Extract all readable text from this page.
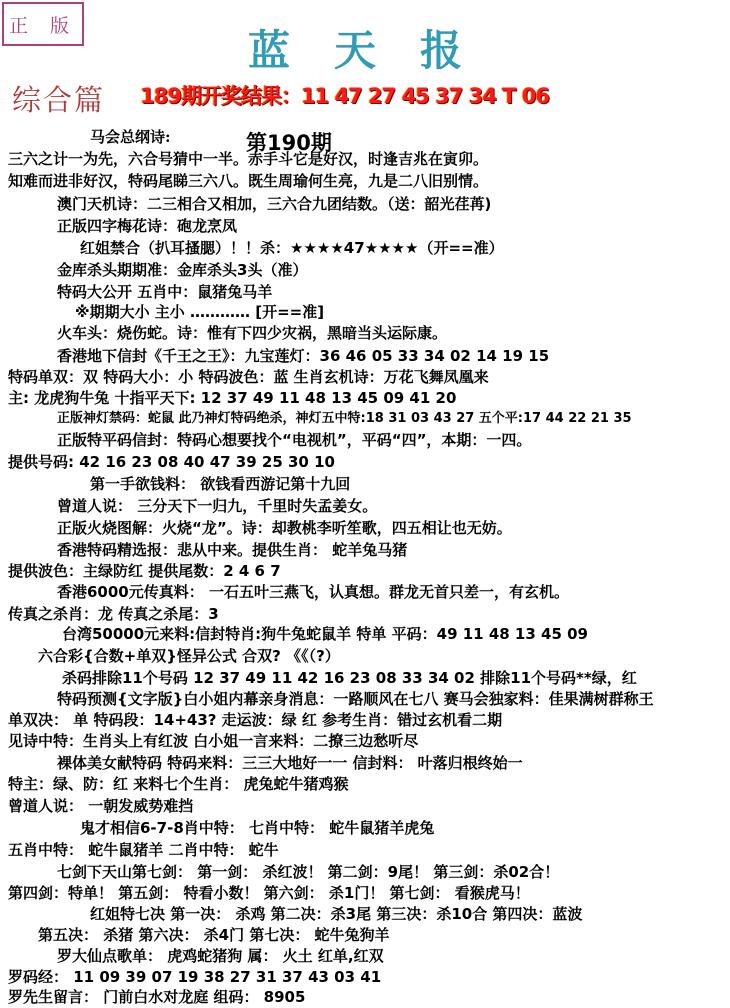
正 版
蓝天报
综合篇 189期开奖结果：11 47 27 45 37 34 T 06
第190期
马会总纲诗:
三六之计一为先，六合号猜中一半。赤手斗它是好汉，时逢吉兆在寅卯。
知难而进非好汉，特码尾睇三六八。既生周瑜何生亮，九是二八旧别情。
澳门天机诗：二三相合又相加，三六合九团结数。（送：韶光荏苒)
正版四字梅花诗：砲龙烹凤
红姐禁合（扒耳搔腮）！！杀：★★★★47★★★★（开==准）
金库杀头期期准：金库杀头3头（准）
特码大公开 五肖中：鼠猪兔马羊
※期期大小 主小 ………… [开==准]
火车头：烧伤蛇。诗：惟有下四少灾祸，黑暗当头运际康。
香港地下信封《千王之王》：九宝莲灯：36 46 05 33 34 02 14 19 15
特码单双：双 特码大小：小 特码波色：蓝 生肖玄机诗：万花飞舞凤凰来
主: 龙虎狗牛兔 十指平天下: 12 37 49 11 48 13 45 09 41 20
正版神灯禁码：蛇鼠 此乃神灯特码绝杀，神灯五中特:18 31 03 43 27 五个平:17 44 22 21 35
正版特平码信封：特码心想要找个“电视机”，平码“四”，本期：一四。
提供号码: 42 16 23 08 40 47 39 25 30 10
第一手欲钱料： 欲钱看西游记第十九回
曾道人说： 三分天下一归九，千里时失孟姜女。
正版火烧图解：火烧“龙”。诗：却教桃李听笙歌，四五相让也无妨。
香港特码精选报：悲从中来。提供生肖： 蛇羊兔马猪
提供波色：主绿防红 提供尾数：2 4 6 7
香港6000元传真料： 一石五叶三燕飞，认真想。群龙无首只差一，有玄机。
传真之杀肖：龙 传真之杀尾：3
台湾50000元来料:信封特肖:狗牛兔蛇鼠羊 特单 平码：49 11 48 13 45 09
六合彩{合数+单双}怪异公式 合双? 《《（?）
杀码排除11个号码 12 37 49 11 42 16 23 08 33 34 02 排除11个号码**绿，红
特码预测{文字版}白小姐内幕亲身消息：一路顺风在七八 赛马会独家料：佳果满树群称王
单双决： 单 特码段：14+43? 走运波：绿 红 参考生肖：错过玄机看二期
见诗中特：生肖头上有红波 白小姐一言来料：二撩三边愁听尽
裸体美女献特码 特码来料：三三大地好一一 信封料： 叶落归根终始一
特主：绿、防：红 来料七个生肖： 虎兔蛇牛猪鸡猴
曾道人说： 一朝发威势难挡
鬼才相信6-7-8肖中特： 七肖中特： 蛇牛鼠猪羊虎兔
五肖中特： 蛇牛鼠猪羊 二肖中特： 蛇牛
七剑下天山第七剑： 第一剑： 杀红波！ 第二剑：9尾！ 第三剑：杀02合！
第四剑：特单！ 第五剑： 特看小数！ 第六剑： 杀1门！ 第七剑： 看猴虎马！
红姐特七决 第一决： 杀鸡 第二决：杀3尾 第三决：杀10合 第四决：蓝波
第五决： 杀猪 第六决： 杀4门 第七决： 蛇牛兔狗羊
罗大仙点歌单： 虎鸡蛇猪狗 属： 火土 红单,红双
罗码经： 11 09 39 07 19 38 27 31 37 43 03 41
罗先生留言： 门前白水对龙庭 组码： 8905
